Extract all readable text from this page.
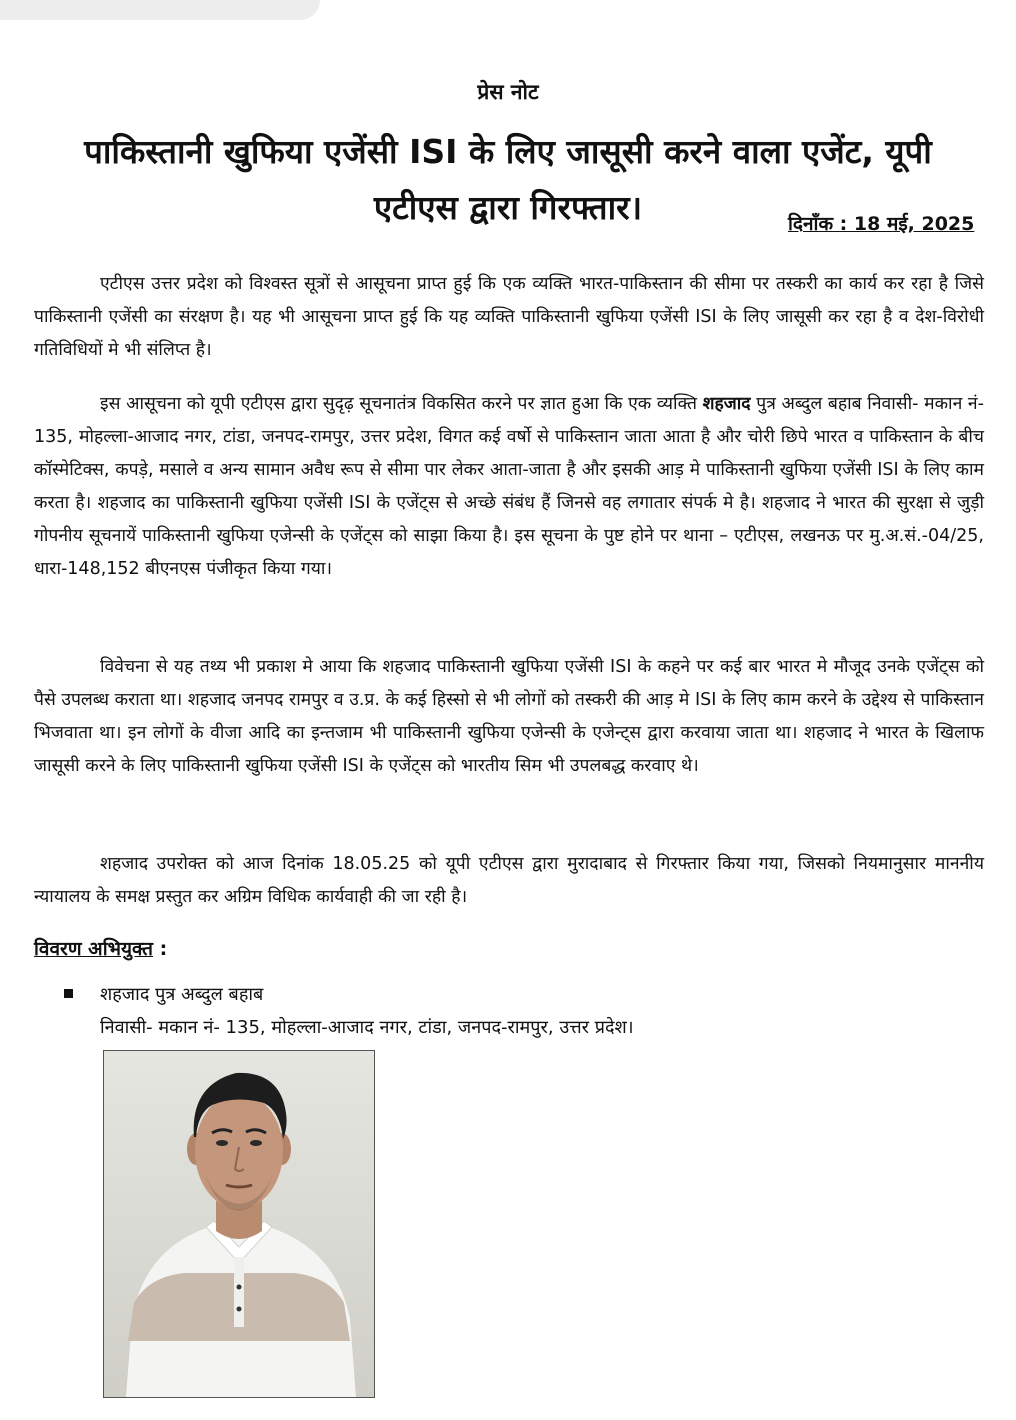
प्रेस नोट
पाकिस्तानी खुफिया एजेंसी ISI के लिए जासूसी करने वाला एजेंट, यूपी एटीएस द्वारा गिरफ्तार।	दिनाँक : 18 मई, 2025

एटीएस उत्तर प्रदेश को विश्वस्त सूत्रों से आसूचना प्राप्त हुई कि एक व्यक्ति भारत-पाकिस्तान की सीमा पर तस्करी का कार्य कर रहा है जिसे पाकिस्तानी एजेंसी का संरक्षण है। यह भी आसूचना प्राप्त हुई कि यह व्यक्ति पाकिस्तानी खुफिया एजेंसी ISI के लिए जासूसी कर रहा है व देश-विरोधी गतिविधियों मे भी संलिप्त है।

इस आसूचना को यूपी एटीएस द्वारा सुदृढ़ सूचनातंत्र विकसित करने पर ज्ञात हुआ कि एक व्यक्ति शहजाद पुत्र अब्दुल बहाब निवासी- मकान नं- 135, मोहल्ला-आजाद नगर, टांडा, जनपद-रामपुर, उत्तर प्रदेश, विगत कई वर्षो से पाकिस्तान जाता आता है और चोरी छिपे भारत व पाकिस्तान के बीच कॉस्मेटिक्स, कपड़े, मसाले व अन्य सामान अवैध रूप से सीमा पार लेकर आता-जाता है और इसकी आड़ मे पाकिस्तानी खुफिया एजेंसी ISI के लिए काम करता है। शहजाद का पाकिस्तानी खुफिया एजेंसी ISI के एजेंट्स से अच्छे संबंध हैं जिनसे वह लगातार संपर्क मे है। शहजाद ने भारत की सुरक्षा से जुड़ी गोपनीय सूचनायें पाकिस्तानी खुफिया एजेन्सी के एजेंट्स को साझा किया है। इस सूचना के पुष्ट होने पर थाना – एटीएस, लखनऊ पर मु.अ.सं.-04/25, धारा-148,152 बीएनएस पंजीकृत किया गया।

विवेचना से यह तथ्य भी प्रकाश मे आया कि शहजाद पाकिस्तानी खुफिया एजेंसी ISI के कहने पर कई बार भारत मे मौजूद उनके एजेंट्स को पैसे उपलब्ध कराता था। शहजाद जनपद रामपुर व उ.प्र. के कई हिस्सो से भी लोगों को तस्करी की आड़ मे ISI के लिए काम करने के उद्देश्य से पाकिस्तान भिजवाता था। इन लोगों के वीजा आदि का इन्तजाम भी पाकिस्तानी खुफिया एजेन्सी के एजेन्ट्स द्वारा करवाया जाता था। शहजाद ने भारत के खिलाफ जासूसी करने के लिए पाकिस्तानी खुफिया एजेंसी ISI के एजेंट्स को भारतीय सिम भी उपलबद्ध करवाए थे।

शहजाद उपरोक्त को आज दिनांक 18.05.25 को यूपी एटीएस द्वारा मुरादाबाद से गिरफ्तार किया गया, जिसको नियमानुसार माननीय न्यायालय के समक्ष प्रस्तुत कर अग्रिम विधिक कार्यवाही की जा रही है।

विवरण अभियुक्त :
शहजाद पुत्र अब्दुल बहाब
निवासी- मकान नं- 135, मोहल्ला-आजाद नगर, टांडा, जनपद-रामपुर, उत्तर प्रदेश।
